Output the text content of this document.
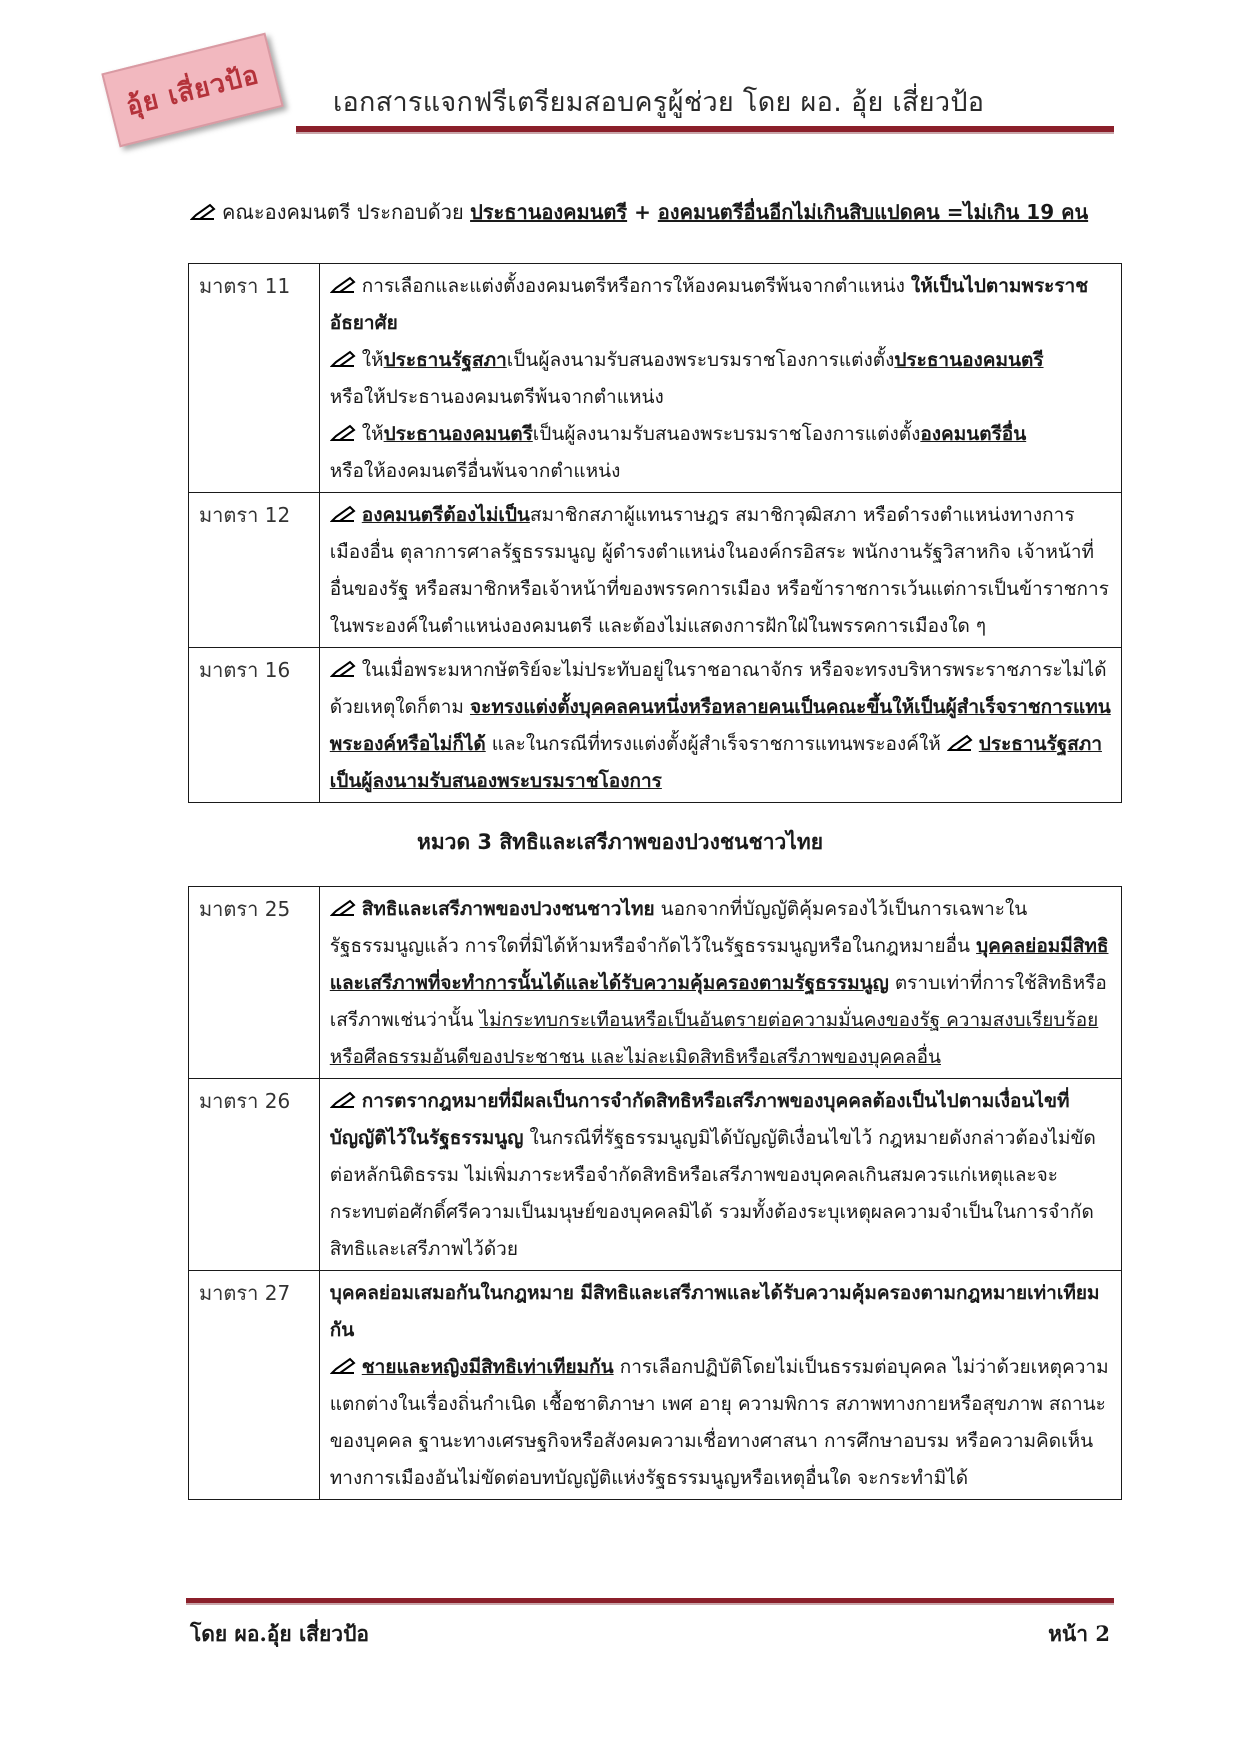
อุ้ย เสี่ยวป้อ	เอกสารแจกฟรีเตรียมสอบครูผู้ช่วย โดย ผอ. อุ้ย เสี่ยวป้อ
คณะองคมนตรี ประกอบด้วย ประธานองคมนตรี + องคมนตรีอื่นอีกไม่เกินสิบแปดคน =ไม่เกิน 19 คน
มาตรา 11	การเลือกและแต่งตั้งองคมนตรีหรือการให้องคมนตรีพ้นจากตำแหน่ง ให้เป็นไปตามพระราช อัธยาศัย
ให้ประธานรัฐสภาเป็นผู้ลงนามรับสนองพระบรมราชโองการแต่งตั้งประธานองคมนตรี
หรือให้ประธานองคมนตรีพ้นจากตำแหน่ง
ให้ประธานองคมนตรีเป็นผู้ลงนามรับสนองพระบรมราชโองการแต่งตั้งองคมนตรีอื่น
หรือให้องคมนตรีอื่นพ้นจากตำแหน่ง

มาตรา 12	องคมนตรีต้องไม่เป็นสมาชิกสภาผู้แทนราษฎร สมาชิกวุฒิสภา หรือดำรงตำแหน่งทางการเมืองอื่น ตุลาการศาลรัฐธรรมนูญ ผู้ดำรงตำแหน่งในองค์กรอิสระ พนักงานรัฐวิสาหกิจ เจ้าหน้าที่อื่นของรัฐ หรือสมาชิกหรือเจ้าหน้าที่ของพรรคการเมือง หรือข้าราชการเว้นแต่การเป็นข้าราชการในพระองค์ในตำแหน่งองคมนตรี และต้องไม่แสดงการฝักใฝ่ในพรรคการเมืองใด ๆ
มาตรา 16	ในเมื่อพระมหากษัตริย์จะไม่ประทับอยู่ในราชอาณาจักร หรือจะทรงบริหารพระราชภาระไม่ได้ด้วยเหตุใดก็ตาม จะทรงแต่งตั้งบุคคลคนหนึ่งหรือหลายคนเป็นคณะขึ้นให้เป็นผู้สำเร็จราชการแทนพระองค์หรือไม่ก็ได้ และในกรณีที่ทรงแต่งตั้งผู้สำเร็จราชการแทนพระองค์ให้ ประธานรัฐสภาเป็นผู้ลงนามรับสนองพระบรมราชโองการ
หมวด 3 สิทธิและเสรีภาพของปวงชนชาวไทย
มาตรา 25	สิทธิและเสรีภาพของปวงชนชาวไทย นอกจากที่บัญญัติคุ้มครองไว้เป็นการเฉพาะในรัฐธรรมนูญแล้ว การใดที่มิได้ห้ามหรือจำกัดไว้ในรัฐธรรมนูญหรือในกฎหมายอื่น บุคคลย่อมมีสิทธิและเสรีภาพที่จะทำการนั้นได้และได้รับความคุ้มครองตามรัฐธรรมนูญ ตราบเท่าที่การใช้สิทธิหรือเสรีภาพเช่นว่านั้น ไม่กระทบกระเทือนหรือเป็นอันตรายต่อความมั่นคงของรัฐ ความสงบเรียบร้อยหรือศีลธรรมอันดีของประชาชน และไม่ละเมิดสิทธิหรือเสรีภาพของบุคคลอื่น
มาตรา 26	การตรากฎหมายที่มีผลเป็นการจำกัดสิทธิหรือเสรีภาพของบุคคลต้องเป็นไปตามเงื่อนไขที่บัญญัติไว้ในรัฐธรรมนูญ ในกรณีที่รัฐธรรมนูญมิได้บัญญัติเงื่อนไขไว้ กฎหมายดังกล่าวต้องไม่ขัดต่อหลักนิติธรรม ไม่เพิ่มภาระหรือจำกัดสิทธิหรือเสรีภาพของบุคคลเกินสมควรแก่เหตุและจะกระทบต่อศักดิ์ศรีความเป็นมนุษย์ของบุคคลมิได้ รวมทั้งต้องระบุเหตุผลความจำเป็นในการจำกัดสิทธิและเสรีภาพไว้ด้วย
มาตรา 27	บุคคลย่อมเสมอกันในกฎหมาย มีสิทธิและเสรีภาพและได้รับความคุ้มครองตามกฎหมายเท่าเทียมกัน
ชายและหญิงมีสิทธิเท่าเทียมกัน การเลือกปฏิบัติโดยไม่เป็นธรรมต่อบุคคล ไม่ว่าด้วยเหตุความแตกต่างในเรื่องถิ่นกำเนิด เชื้อชาติภาษา เพศ อายุ ความพิการ สภาพทางกายหรือสุขภาพ สถานะของบุคคล ฐานะทางเศรษฐกิจหรือสังคมความเชื่อทางศาสนา การศึกษาอบรม หรือความคิดเห็นทางการเมืองอันไม่ขัดต่อบทบัญญัติแห่งรัฐธรรมนูญหรือเหตุอื่นใด จะกระทำมิได้
โดย ผอ.อุ้ย เสี่ยวป้อ	หน้า 2
